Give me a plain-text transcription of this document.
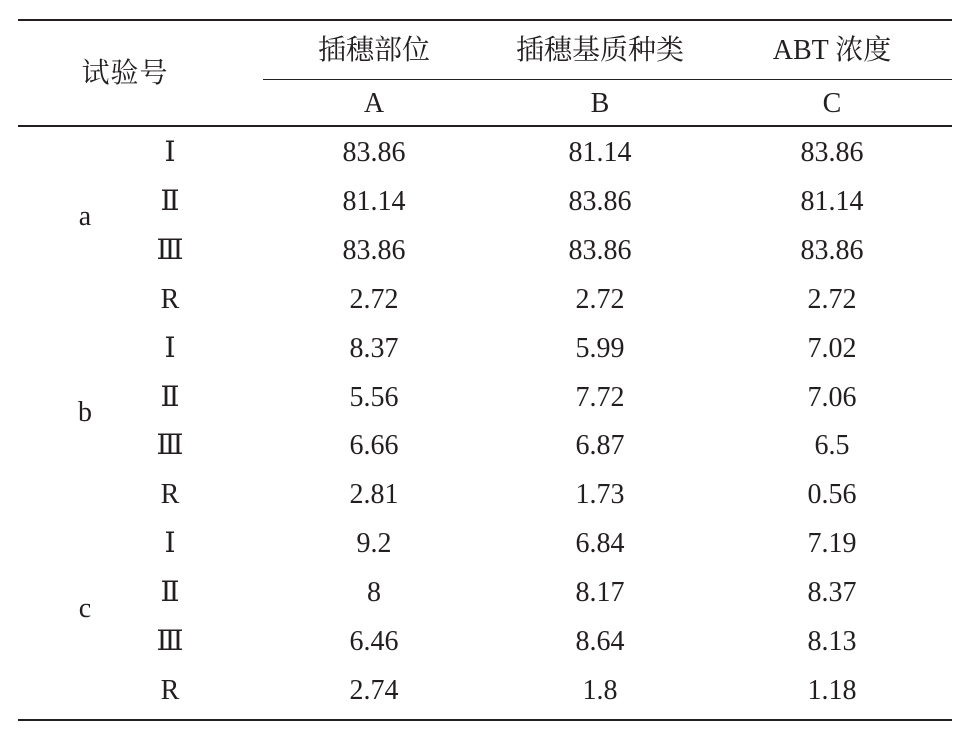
试验号
插穗部位	插穗基质种类	ABT 浓度
A	B	C
a
Ⅰ	83.86	81.14	83.86
Ⅱ	81.14	83.86	81.14
Ⅲ	83.86	83.86	83.86
R	2.72	2.72	2.72
b
Ⅰ	8.37	5.99	7.02
Ⅱ	5.56	7.72	7.06
Ⅲ	6.66	6.87	6.5
R	2.81	1.73	0.56
c
Ⅰ	9.2	6.84	7.19
Ⅱ	8	8.17	8.37
Ⅲ	6.46	8.64	8.13
R	2.74	1.8	1.18
